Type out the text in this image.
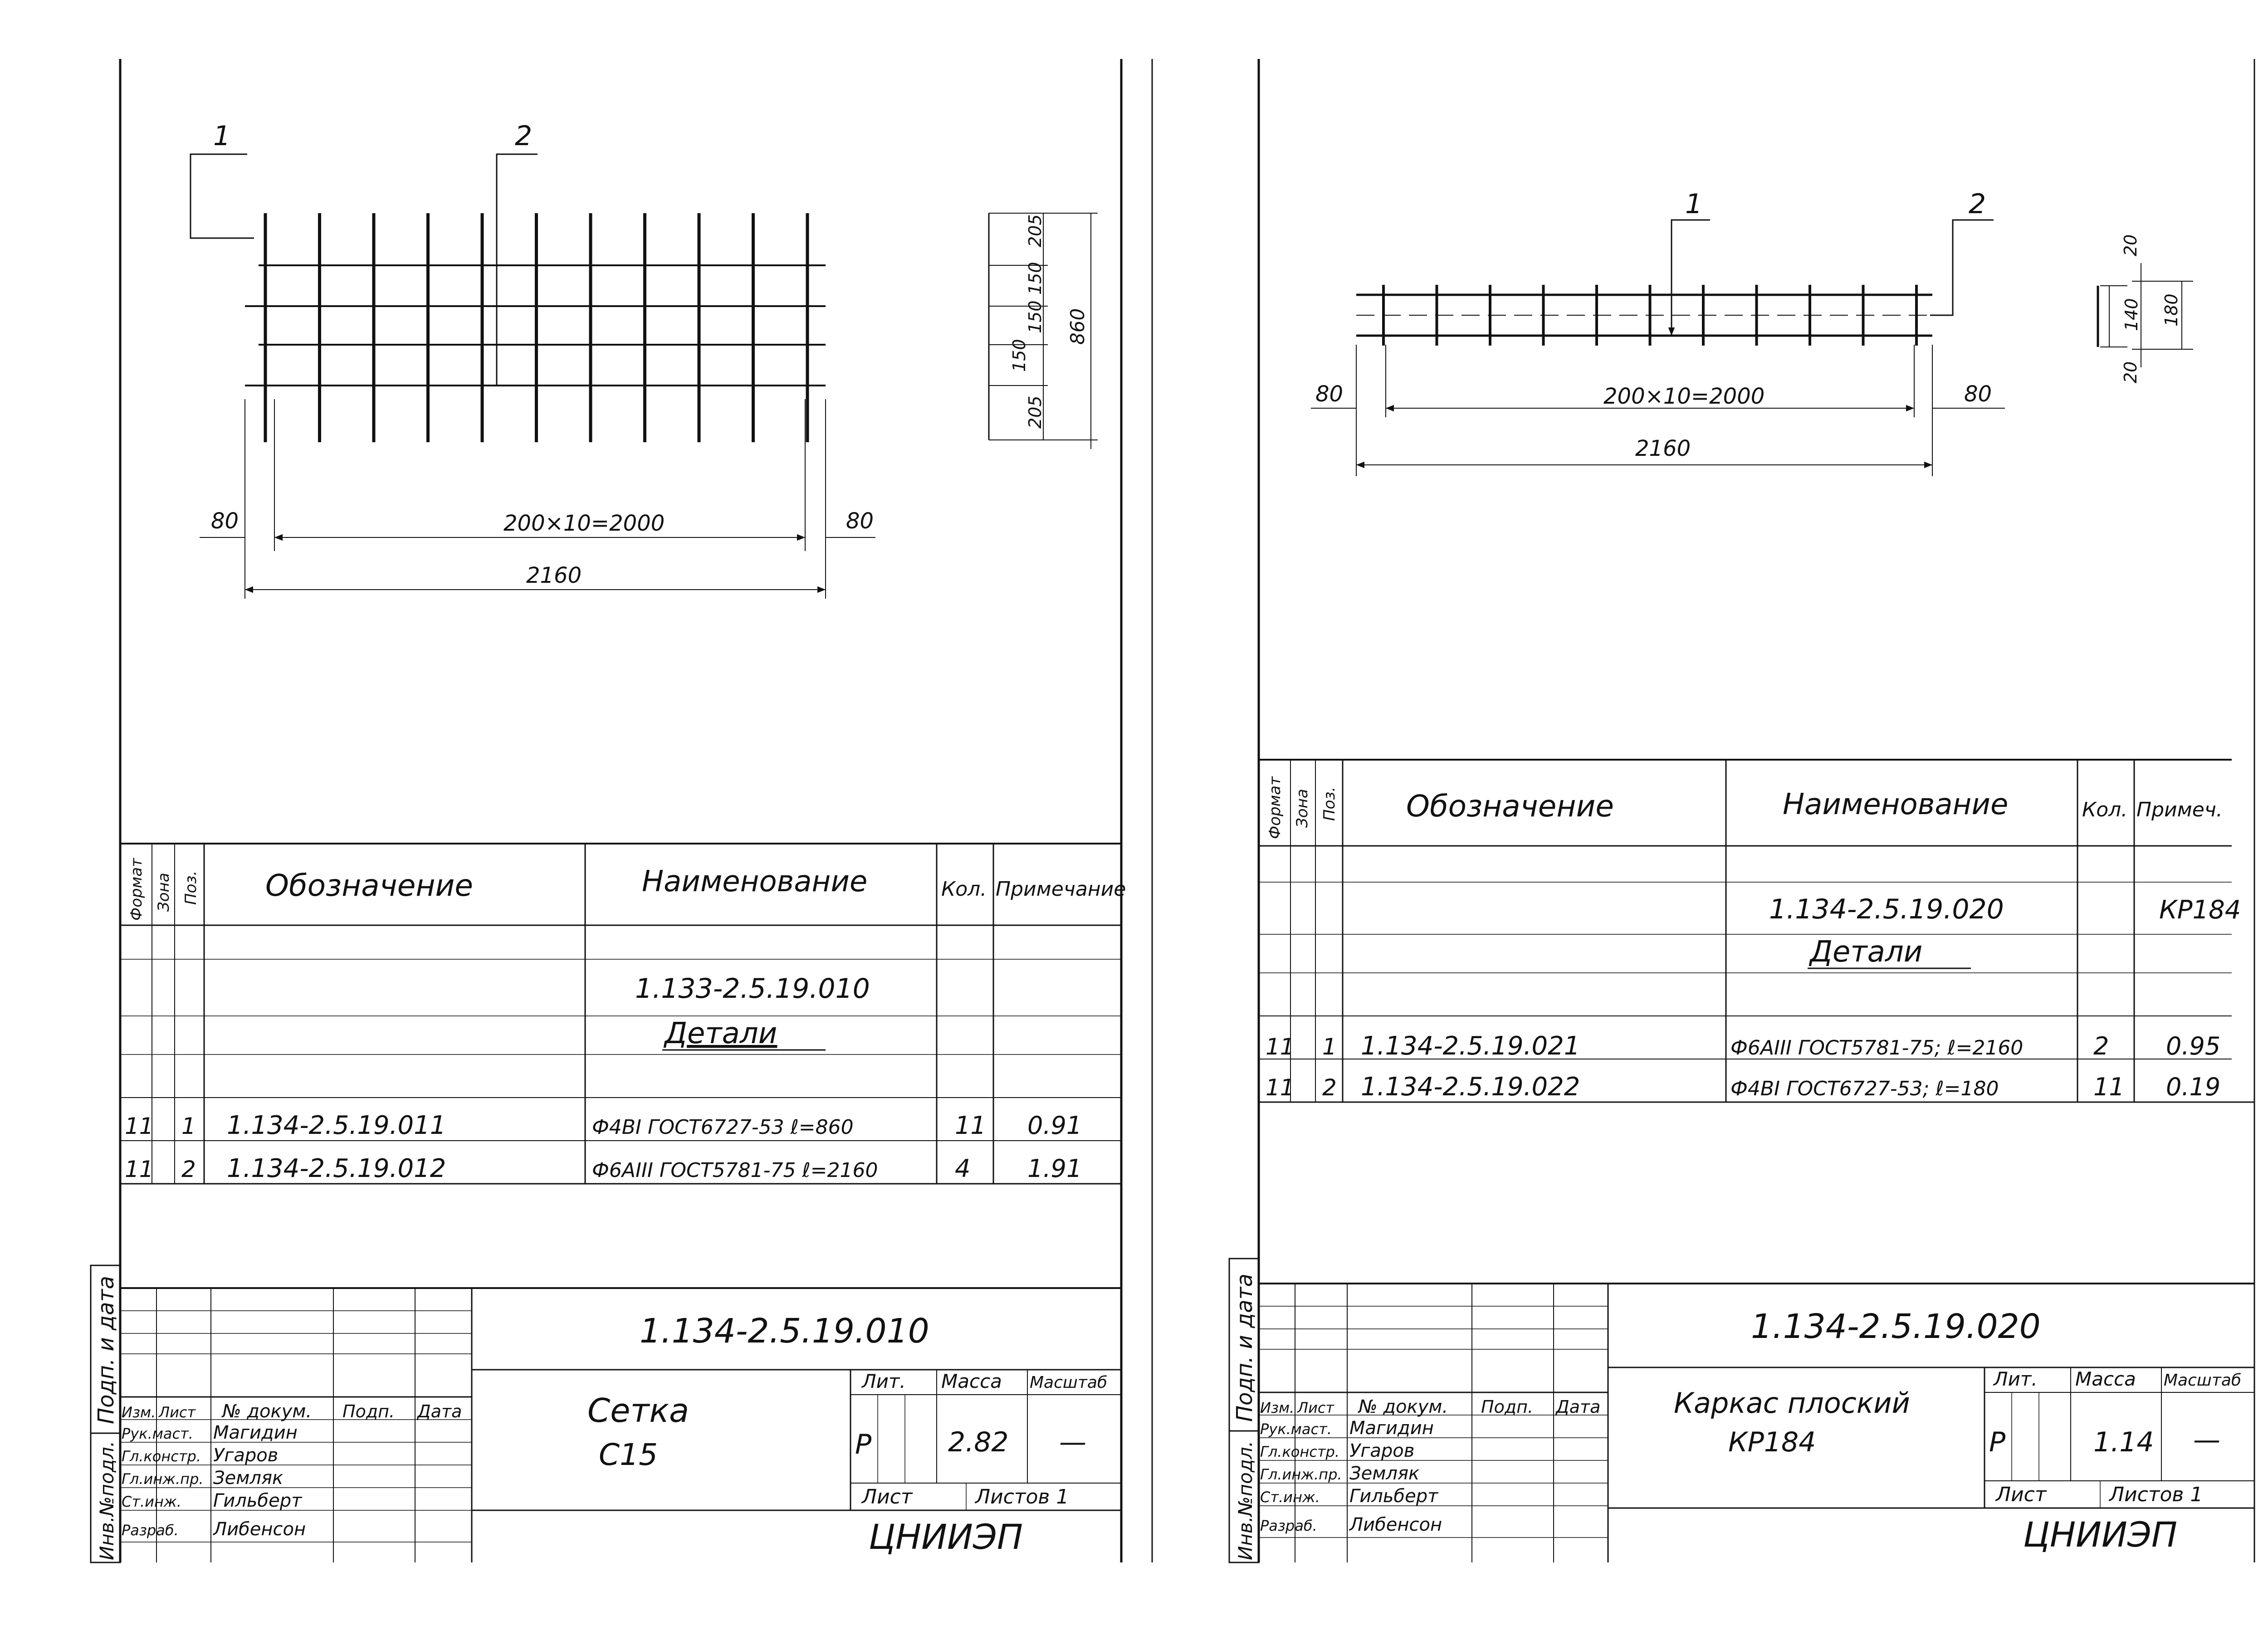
1	2
80	200×10=2000	80
2160
205
150
150
150
205
860
Формат Зона Поз. Обозначение	Наименование	Кол. Примечание
1.133-2.5.19.010
Детали
11 1 1.134-2.5.19.011	Ф4ВI ГОСТ6727-53 ℓ=860	11 0.91
11 2 1.134-2.5.19.012	Ф6АIII ГОСТ5781-75 ℓ=2160	4 1.91
Подп. и дата
Инв.№подл.
1.134-2.5.19.010
Сетка
С15
Изм. Лист № докум. Подп. Дата
Рук.маст. Магидин
Гл.констр. Угаров
Гл.инж.пр. Земляк
Ст.инж. Гильберт
Разраб. Либенсон
Лит. Масса Масштаб
Р	2.82 —
Лист	Листов 1
ЦНИИЭП
1	2
80	200×10=2000	80
2160
20
140 180
20
Формат Зона Поз. Обозначение	Наименование	Кол. Примеч.
1.134-2.5.19.020	КР184
Детали
11 1 1.134-2.5.19.021	Ф6АIII ГОСТ5781-75; ℓ=2160	2 0.95
11 2 1.134-2.5.19.022	Ф4ВI ГОСТ6727-53; ℓ=180	11 0.19
Подп. и дата
Инв.№подл.
1.134-2.5.19.020
Каркас плоский
КР184
Изм. Лист № докум. Подп. Дата
Рук.маст. Магидин
Гл.констр. Угаров
Гл.инж.пр. Земляк
Ст.инж. Гильберт
Разраб. Либенсон
Лит. Масса Масштаб
Р	1.14 —
Лист	Листов 1
ЦНИИЭП
